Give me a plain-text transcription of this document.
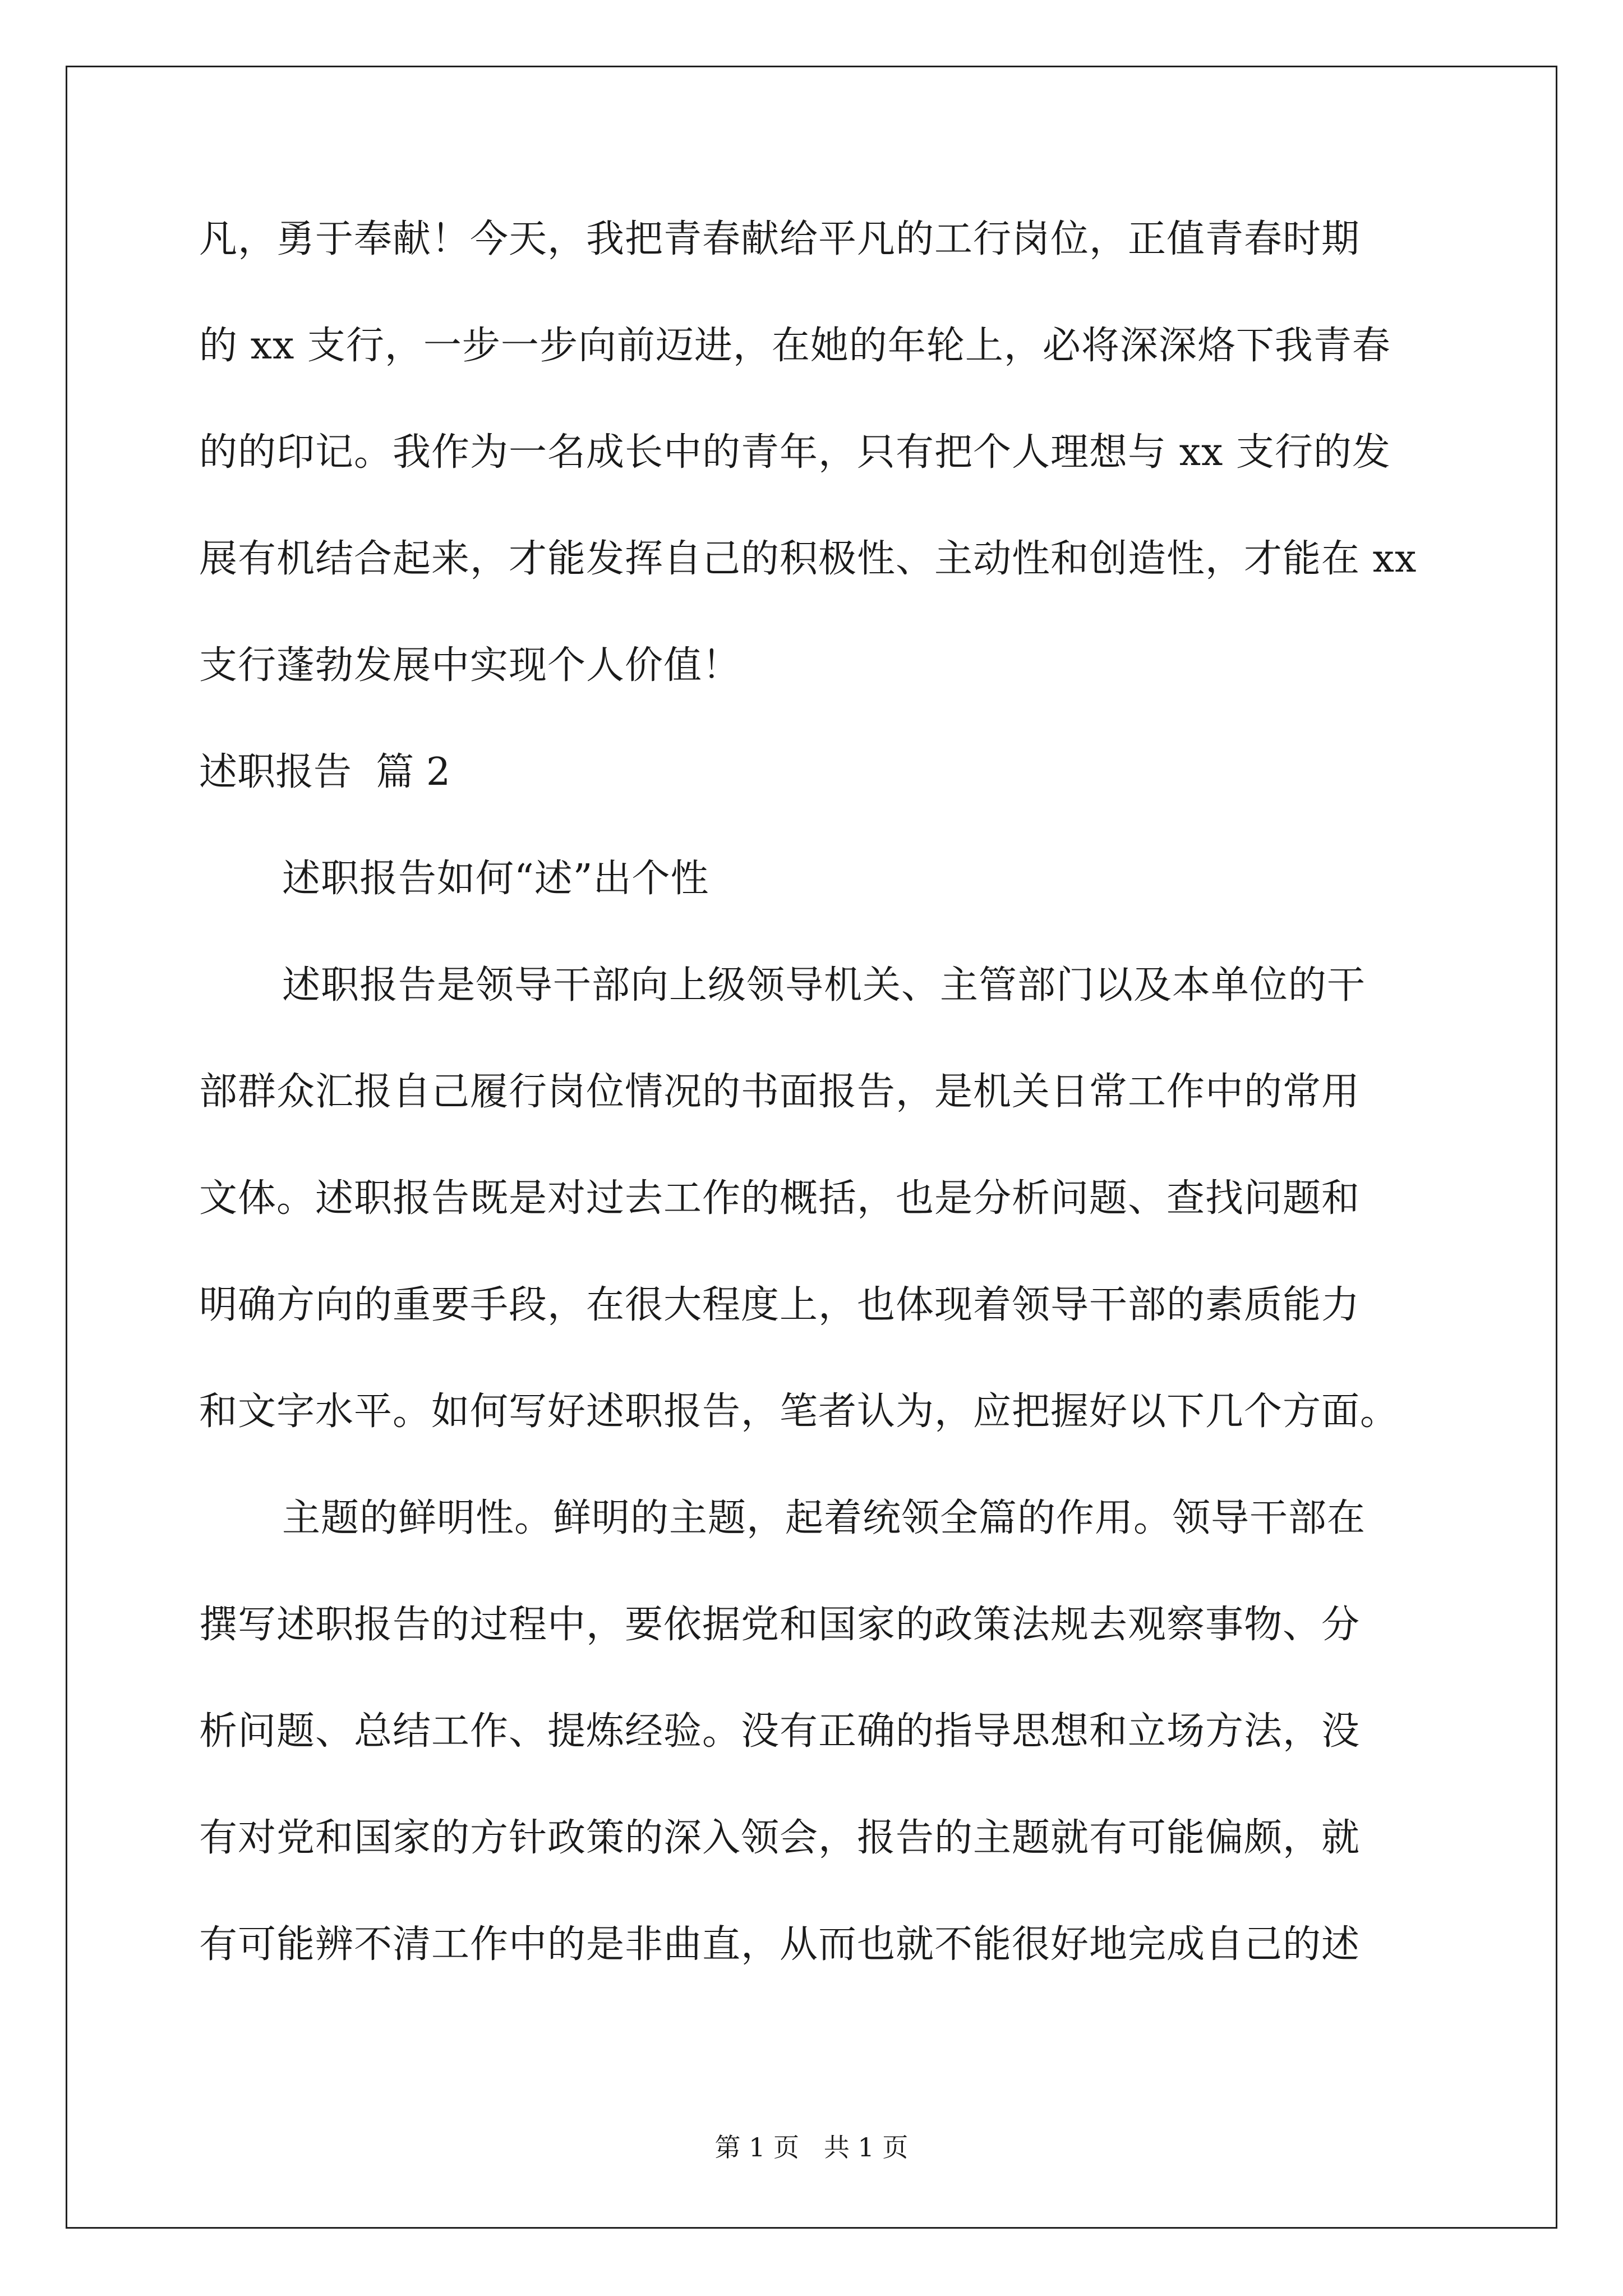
凡，勇于奉献！今天，我把青春献给平凡的工行岗位，正值青春时期
的 xx 支行，一步一步向前迈进，在她的年轮上，必将深深烙下我青春
的的印记。我作为一名成长中的青年，只有把个人理想与 xx 支行的发
展有机结合起来，才能发挥自己的积极性、主动性和创造性，才能在 xx
支行蓬勃发展中实现个人价值！
述职报告  篇 2
述职报告如何“述”出个性
述职报告是领导干部向上级领导机关、主管部门以及本单位的干
部群众汇报自己履行岗位情况的书面报告，是机关日常工作中的常用
文体。述职报告既是对过去工作的概括，也是分析问题、查找问题和
明确方向的重要手段，在很大程度上，也体现着领导干部的素质能力
和文字水平。如何写好述职报告，笔者认为，应把握好以下几个方面。
主题的鲜明性。鲜明的主题，起着统领全篇的作用。领导干部在
撰写述职报告的过程中，要依据党和国家的政策法规去观察事物、分
析问题、总结工作、提炼经验。没有正确的指导思想和立场方法，没
有对党和国家的方针政策的深入领会，报告的主题就有可能偏颇，就
有可能辨不清工作中的是非曲直，从而也就不能很好地完成自己的述
第 1 页   共 1 页
